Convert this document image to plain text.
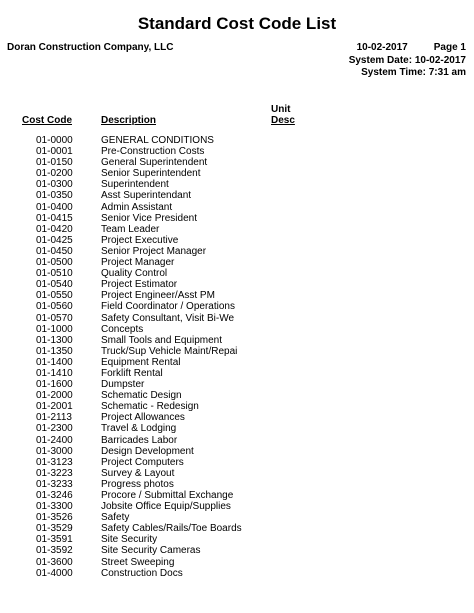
Standard Cost Code List
Doran Construction Company, LLC	10-02-2017	Page 1
System Date: 10-02-2017
System Time: 7:31 am
Cost Code	Description
Unit
Desc
01-0000	GENERAL CONDITIONS
01-0001	Pre-Construction Costs
01-0150	General Superintendent
01-0200	Senior Superintendent
01-0300	Superintendent
01-0350	Asst Superintendant
01-0400	Admin Assistant
01-0415	Senior Vice President
01-0420	Team Leader
01-0425	Project Executive
01-0450	Senior Project Manager
01-0500	Project Manager
01-0510	Quality Control
01-0540	Project Estimator
01-0550	Project Engineer/Asst PM
01-0560	Field Coordinator / Operations
01-0570	Safety Consultant, Visit Bi-We
01-1000	Concepts
01-1300	Small Tools and Equipment
01-1350	Truck/Sup Vehicle Maint/Repai
01-1400	Equipment Rental
01-1410	Forklift Rental
01-1600	Dumpster
01-2000	Schematic Design
01-2001	Schematic - Redesign
01-2113	Project Allowances
01-2300	Travel & Lodging
01-2400	Barricades Labor
01-3000	Design Development
01-3123	Project Computers
01-3223	Survey & Layout
01-3233	Progress photos
01-3246	Procore / Submittal Exchange
01-3300	Jobsite Office Equip/Supplies
01-3526	Safety
01-3529	Safety Cables/Rails/Toe Boards
01-3591	Site Security
01-3592	Site Security Cameras
01-3600	Street Sweeping
01-4000	Construction Docs
